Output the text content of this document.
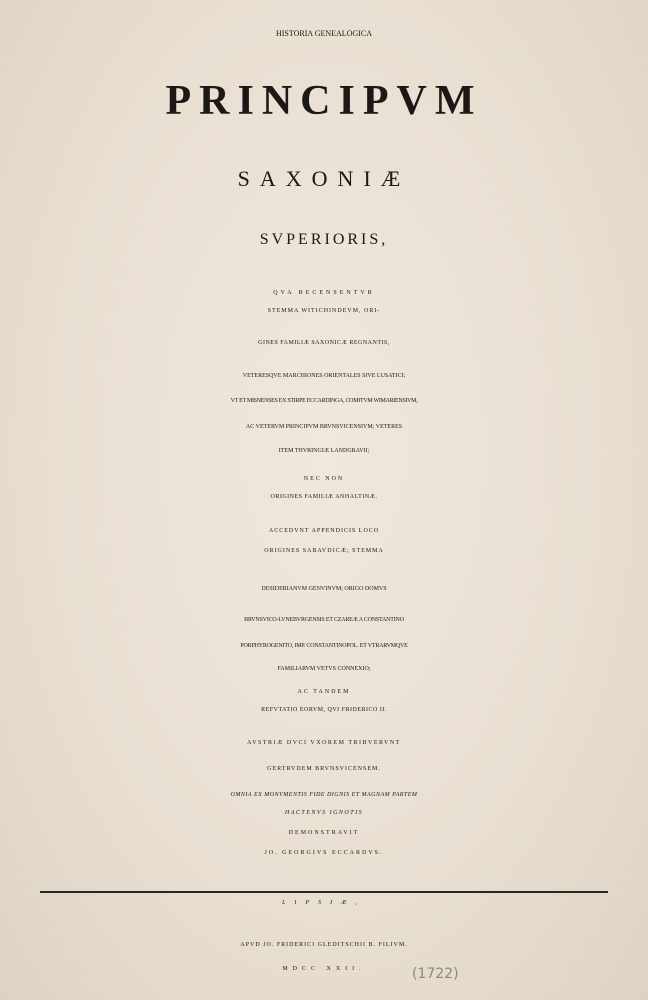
HISTORIA GENEALOGICA
PRINCIPVM
SAXONIÆ
SVPERIORIS,
QVA RECENSENTVR
STEMMA WITICHINDEVM, ORI-
GINES FAMILIÆ SAXONICÆ REGNANTIS,
VETERESQVE MARCHIONES ORIENTALES SIVE LUSATICI;
VT ET MISNENSES EX STIRPE ECCARDINGA, COMITVM WIMARIENSIVM,
AC VETERVM PRINCIPVM BRVNSVICENSIVM; VETERES
ITEM THVRINGIÆ LANDGRAVII;
NEC NON
ORIGINES FAMILIÆ ANHALTINÆ.
ACCEDVNT APPENDICIS LOCO
ORIGINES SABAVDICÆ; STEMMA
DESIDERIANVM GENVINVM; ORIGO DOMVS
BRVNSVICO-LVNEBVRGENSIS ET CZAREÆ A CONSTANTINO
PORPHYROGENITO, IMP. CONSTANTINOPOL. ET VTRARVMQVE
FAMILIARVM VETVS CONNEXIO;
AC TANDEM
REFVTATIO EORVM, QVI FRIDERICO II.
AVSTRIÆ DVCI VXOREM TRIBVERVNT
GERTRVDEM BRVNSVICENSEM.
OMNIA EX MONVMENTIS FIDE DIGNIS ET MAGNAM PARTEM
HACTENVS IGNOTIS
DEMONSTRAVIT
JO. GEORGIVS ECCARDVS.
LIPSIÆ,
APVD JO. FRIDERICI GLEDITSCHII B. FILIVM.
MDCC XXII.	(1722)
